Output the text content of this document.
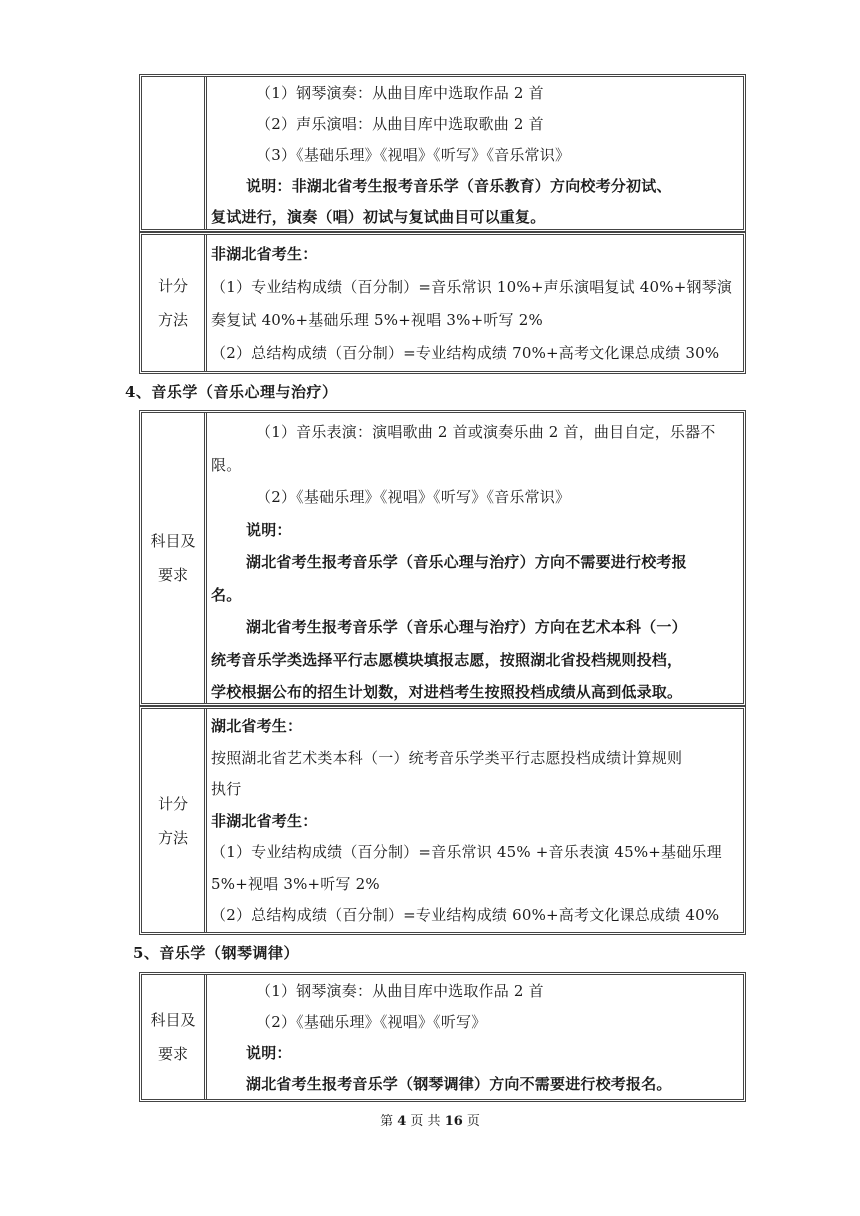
（1）钢琴演奏：从曲目库中选取作品 2 首
（2）声乐演唱：从曲目库中选取歌曲 2 首
（3）《基础乐理》《视唱》《听写》《音乐常识》
说明：非湖北省考生报考音乐学（音乐教育）方向校考分初试、
复试进行，演奏（唱）初试与复试曲目可以重复。
计分
方法
非湖北省考生：
（1）专业结构成绩（百分制）=音乐常识 10%+声乐演唱复试 40%+钢琴演
奏复试 40%+基础乐理 5%+视唱 3%+听写 2%
（2）总结构成绩（百分制）=专业结构成绩 70%+高考文化课总成绩 30%
4、音乐学（音乐心理与治疗）
科目及
要求
（1）音乐表演：演唱歌曲 2 首或演奏乐曲 2 首，曲目自定，乐器不
限。
（2）《基础乐理》《视唱》《听写》《音乐常识》
说明：
湖北省考生报考音乐学（音乐心理与治疗）方向不需要进行校考报
名。
湖北省考生报考音乐学（音乐心理与治疗）方向在艺术本科（一）
统考音乐学类选择平行志愿模块填报志愿，按照湖北省投档规则投档，
学校根据公布的招生计划数，对进档考生按照投档成绩从高到低录取。
计分
方法
湖北省考生：
按照湖北省艺术类本科（一）统考音乐学类平行志愿投档成绩计算规则
执行
非湖北省考生：
（1）专业结构成绩（百分制）=音乐常识 45% +音乐表演 45%+基础乐理
5%+视唱 3%+听写 2%
（2）总结构成绩（百分制）=专业结构成绩 60%+高考文化课总成绩 40%
5、音乐学（钢琴调律）
科目及
要求
（1）钢琴演奏：从曲目库中选取作品 2 首
（2）《基础乐理》《视唱》《听写》
说明：
湖北省考生报考音乐学（钢琴调律）方向不需要进行校考报名。
第 4 页 共 16 页
